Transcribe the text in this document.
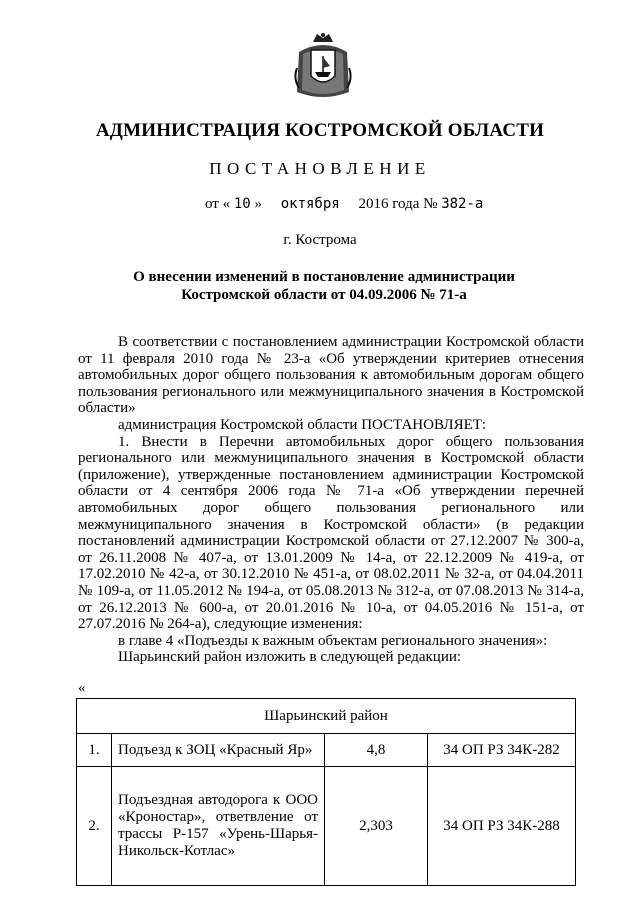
АДМИНИСТРАЦИЯ КОСТРОМСКОЙ ОБЛАСТИ
ПОСТАНОВЛЕНИЕ
от « 10 » октября 2016 года № 382-а
г. Кострома
О внесении изменений в постановление администрации
Костромской области от 04.09.2006 № 71-а

В соответствии с постановлением администрации Костромской области от 11 февраля 2010 года № 23-а «Об утверждении критериев отнесения автомобильных дорог общего пользования к автомобильным дорогам общего пользования регионального или межмуниципального значения в Костромской области»

администрация Костромской области ПОСТАНОВЛЯЕТ:

1. Внести в Перечни автомобильных дорог общего пользования регионального или межмуниципального значения в Костромской области (приложение), утвержденные постановлением администрации Костромской области от 4 сентября 2006 года № 71-а «Об утверждении перечней автомобильных дорог общего пользования регионального или межмуниципального значения в Костромской области» (в редакции постановлений администрации Костромской области от 27.12.2007 № 300-а, от 26.11.2008 № 407-а, от 13.01.2009 № 14-а, от 22.12.2009 № 419-а, от 17.02.2010 № 42-а, от 30.12.2010 № 451-а, от 08.02.2011 № 32-а, от 04.04.2011 № 109-а, от 11.05.2012 № 194-а, от 05.08.2013 № 312-а, от 07.08.2013 № 314-а, от 26.12.2013 № 600-а, от 20.01.2016 № 10-а, от 04.05.2016 № 151-а, от 27.07.2016 № 264-а), следующие изменения:

в главе 4 «Подъезды к важным объектам регионального значения»:

Шарьинский район изложить в следующей редакции:

«
Шарьинский район			
1.	Подъезд к ЗОЦ «Красный Яр»	4,8	34 ОП РЗ 34К-282
2.	Подъездная автодорога к ООО «Кроностар», ответвление от трассы Р-157 «Урень-Шарья-Никольск-Котлас»	2,303	34 ОП РЗ 34К-288
